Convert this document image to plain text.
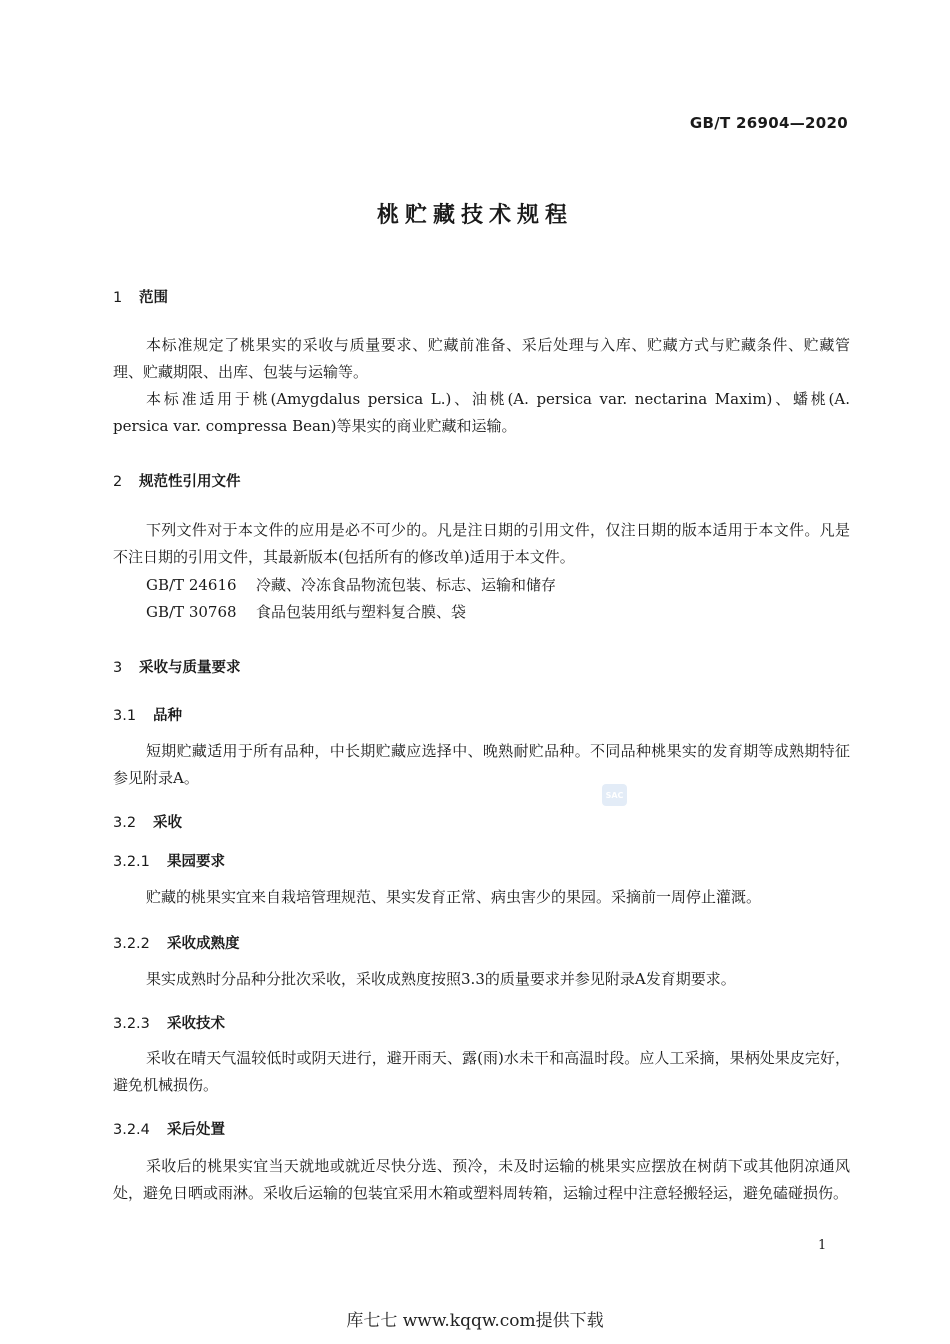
GB/T 26904—2020
桃贮藏技术规程
1 范围
本标准规定了桃果实的采收与质量要求、贮藏前准备、采后处理与入库、贮藏方式与贮藏条件、贮藏管理、贮藏期限、出库、包装与运输等。
本标准适用于桃(Amygdalus persica L.)、油桃(A. persica var. nectarina Maxim)、蟠桃(A. persica var. compressa Bean)等果实的商业贮藏和运输。
2 规范性引用文件
下列文件对于本文件的应用是必不可少的。凡是注日期的引用文件，仅注日期的版本适用于本文件。凡是不注日期的引用文件，其最新版本(包括所有的修改单)适用于本文件。
GB/T 24616 冷藏、冷冻食品物流包装、标志、运输和储存
GB/T 30768 食品包装用纸与塑料复合膜、袋
3 采收与质量要求
3.1 品种
短期贮藏适用于所有品种，中长期贮藏应选择中、晚熟耐贮品种。不同品种桃果实的发育期等成熟期特征参见附录A。
SAC
3.2 采收
3.2.1 果园要求
贮藏的桃果实宜来自栽培管理规范、果实发育正常、病虫害少的果园。采摘前一周停止灌溉。
3.2.2 采收成熟度
果实成熟时分品种分批次采收，采收成熟度按照3.3的质量要求并参见附录A发育期要求。
3.2.3 采收技术
采收在晴天气温较低时或阴天进行，避开雨天、露(雨)水未干和高温时段。应人工采摘，果柄处果皮完好，避免机械损伤。
3.2.4 采后处置
采收后的桃果实宜当天就地或就近尽快分选、预冷，未及时运输的桃果实应摆放在树荫下或其他阴凉通风处，避免日晒或雨淋。采收后运输的包装宜采用木箱或塑料周转箱，运输过程中注意轻搬轻运，避免磕碰损伤。
1
库七七 www.kqqw.com提供下载
